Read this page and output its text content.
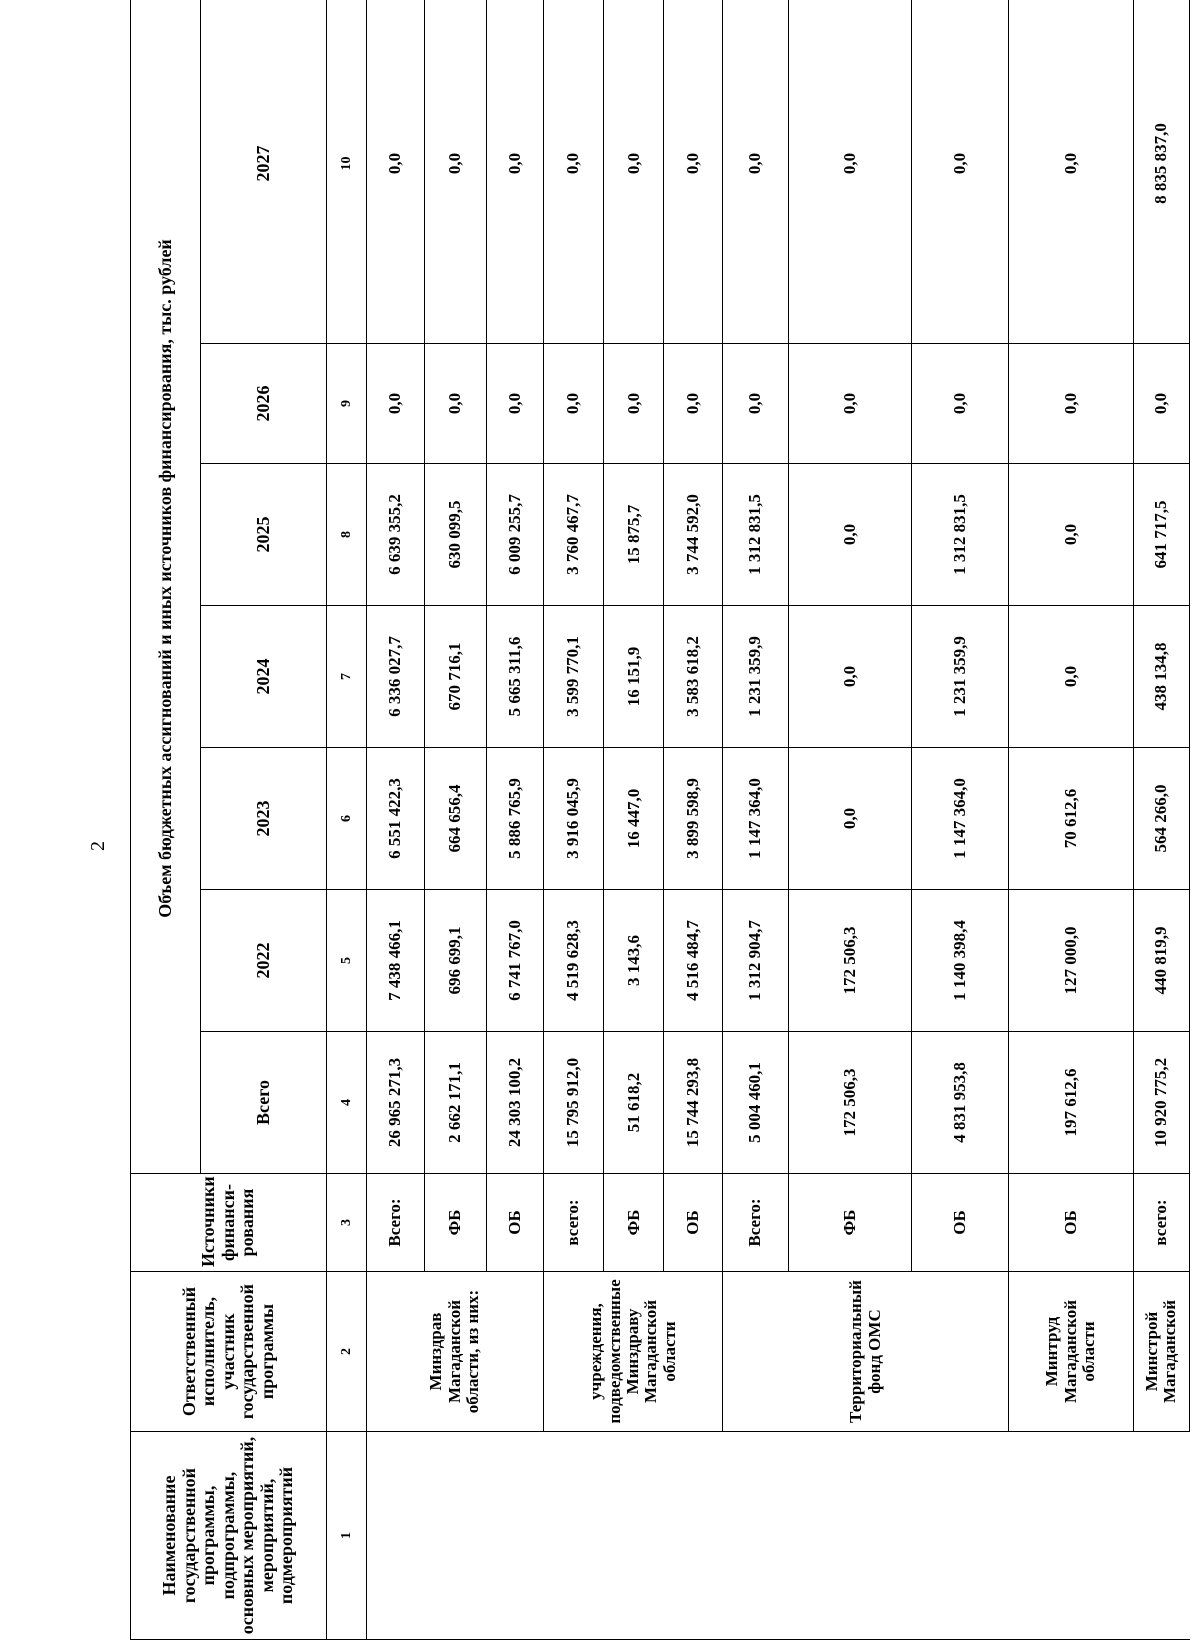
2
Наименование государственной программы, подпрограммы, основных мероприятий, мероприятий, подмероприятий	Ответственный исполнитель, участник государственной программы	Источники финанси-рования	Объем бюджетных ассигнований и иных источников финансирования, тыс. рублей						
			Всего	2022	2023	2024	2025	2026	2027
1	2	3	4	5	6	7	8	9	10
	Минздрав Магаданской области, из них:	Всего:	26 965 271,3	7 438 466,1	6 551 422,3	6 336 027,7	6 639 355,2	0,0	0,0
		ФБ	2 662 171,1	696 699,1	664 656,4	670 716,1	630 099,5	0,0	0,0
		ОБ	24 303 100,2	6 741 767,0	5 886 765,9	5 665 311,6	6 009 255,7	0,0	0,0
	учреждения, подведомственные Минздраву Магаданской области	всего:	15 795 912,0	4 519 628,3	3 916 045,9	3 599 770,1	3 760 467,7	0,0	0,0
		ФБ	51 618,2	3 143,6	16 447,0	16 151,9	15 875,7	0,0	0,0
		ОБ	15 744 293,8	4 516 484,7	3 899 598,9	3 583 618,2	3 744 592,0	0,0	0,0
	Территориальный фонд ОМС	Всего:	5 004 460,1	1 312 904,7	1 147 364,0	1 231 359,9	1 312 831,5	0,0	0,0
		ФБ	172 506,3	172 506,3	0,0	0,0	0,0	0,0	0,0
		ОБ	4 831 953,8	1 140 398,4	1 147 364,0	1 231 359,9	1 312 831,5	0,0	0,0
	Минтруд Магаданской области	ОБ	197 612,6	127 000,0	70 612,6	0,0	0,0	0,0	0,0
	Минстрой Магаданской	всего:	10 920 775,2	440 819,9	564 266,0	438 134,8	641 717,5	0,0	8 835 837,0
